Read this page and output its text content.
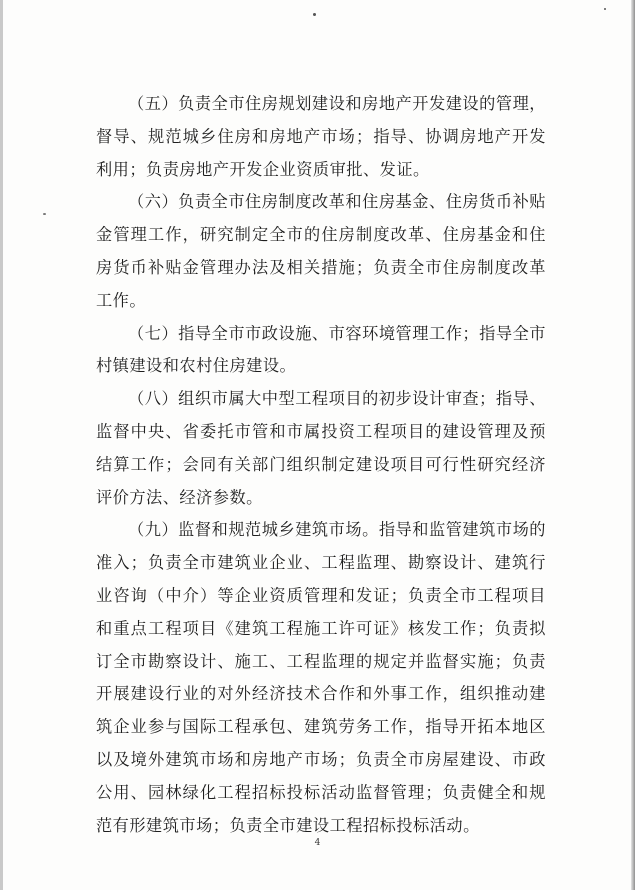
（五）负责全市住房规划建设和房地产开发建设的管理，督导、规范城乡住房和房地产市场；指导、协调房地产开发利用；负责房地产开发企业资质审批、发证。

（六）负责全市住房制度改革和住房基金、住房货币补贴金管理工作，研究制定全市的住房制度改革、住房基金和住房货币补贴金管理办法及相关措施；负责全市住房制度改革工作。

（七）指导全市市政设施、市容环境管理工作；指导全市村镇建设和农村住房建设。

（八）组织市属大中型工程项目的初步设计审查；指导、监督中央、省委托市管和市属投资工程项目的建设管理及预结算工作；会同有关部门组织制定建设项目可行性研究经济评价方法、经济参数。

（九）监督和规范城乡建筑市场。指导和监管建筑市场的准入；负责全市建筑业企业、工程监理、勘察设计、建筑行业咨询（中介）等企业资质管理和发证；负责全市工程项目和重点工程项目《建筑工程施工许可证》核发工作；负责拟订全市勘察设计、施工、工程监理的规定并监督实施；负责开展建设行业的对外经济技术合作和外事工作，组织推动建筑企业参与国际工程承包、建筑劳务工作，指导开拓本地区以及境外建筑市场和房地产市场；负责全市房屋建设、市政公用、园林绿化工程招标投标活动监督管理；负责健全和规范有形建筑市场；负责全市建设工程招标投标活动。

4
